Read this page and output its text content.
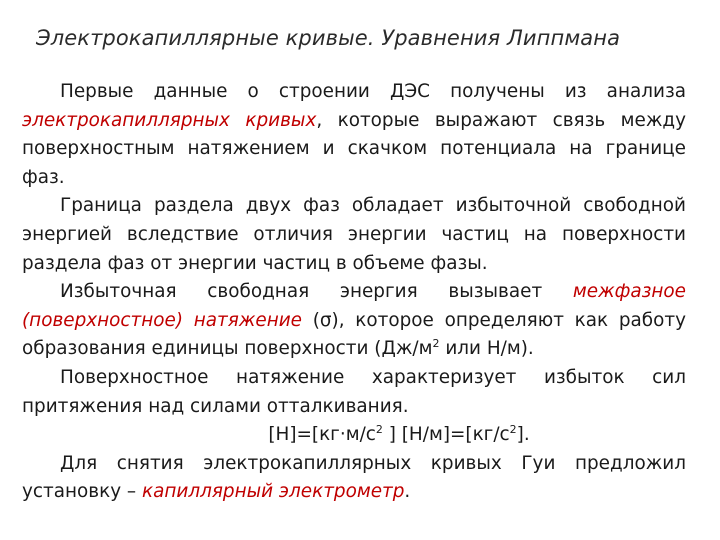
Электрокапиллярные кривые. Уравнения Липпмана

Первые данные о строении ДЭС получены из анализа электрокапиллярных кривых, которые выражают связь между поверхностным натяжением и скачком потенциала на границе фаз.

Граница раздела двух фаз обладает избыточной свободной энергией вследствие отличия энергии частиц на поверхности раздела фаз от энергии частиц в объеме фазы.

Избыточная свободная энергия вызывает межфазное (поверхностное) натяжение (σ), которое определяют как работу образования единицы поверхности ($Дж/м^2$ или Н/м).

Поверхностное натяжение характеризует избыток сил притяжения над силами отталкивания.

$[Н]=[кг\cdot м/с^2$ ] $[Н/м]=[кг/с^2]$.

Для снятия электрокапиллярных кривых Гуи предложил установку – капиллярный электрометр.
